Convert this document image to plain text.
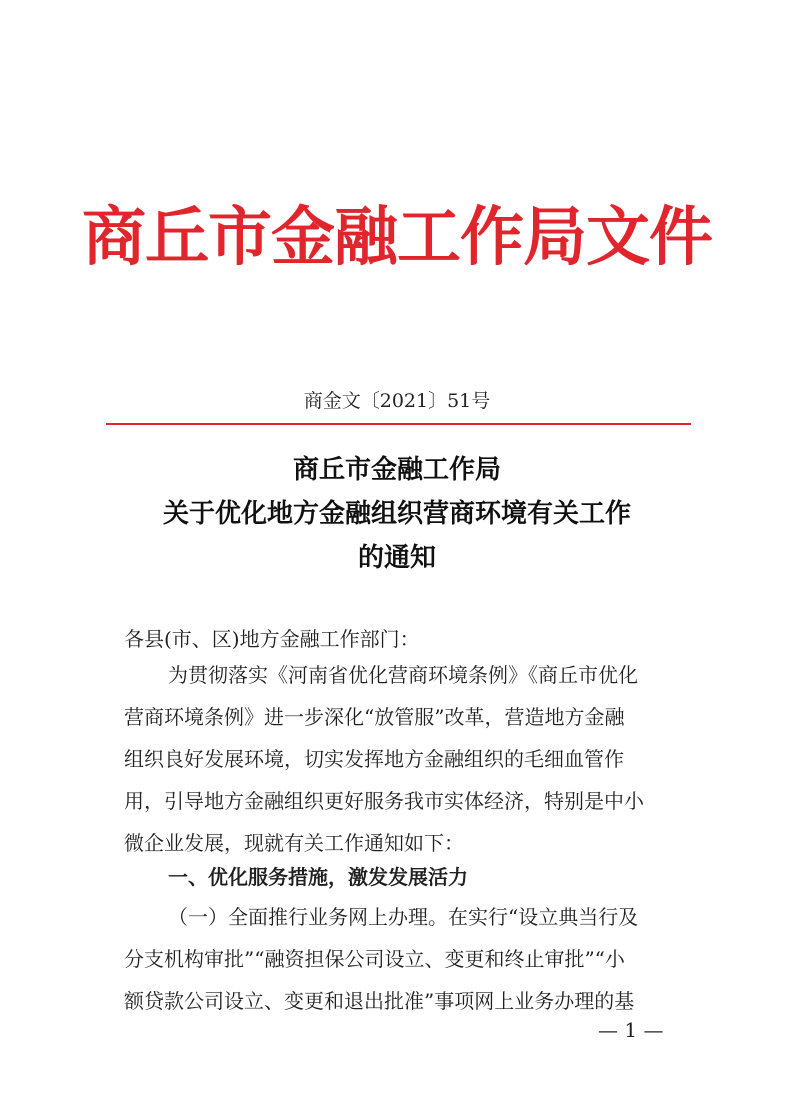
商丘市金融工作局文件
商金文〔2021〕51号
商丘市金融工作局
关于优化地方金融组织营商环境有关工作
的通知
各县(市、区)地方金融工作部门：
为贯彻落实《河南省优化营商环境条例》《商丘市优化
营商环境条例》进一步深化“放管服”改革，营造地方金融
组织良好发展环境，切实发挥地方金融组织的毛细血管作
用，引导地方金融组织更好服务我市实体经济，特别是中小
微企业发展，现就有关工作通知如下：
一、优化服务措施，激发发展活力
（一）全面推行业务网上办理。在实行“设立典当行及
分支机构审批”“融资担保公司设立、变更和终止审批”“小
额贷款公司设立、变更和退出批准”事项网上业务办理的基
— 1 —
